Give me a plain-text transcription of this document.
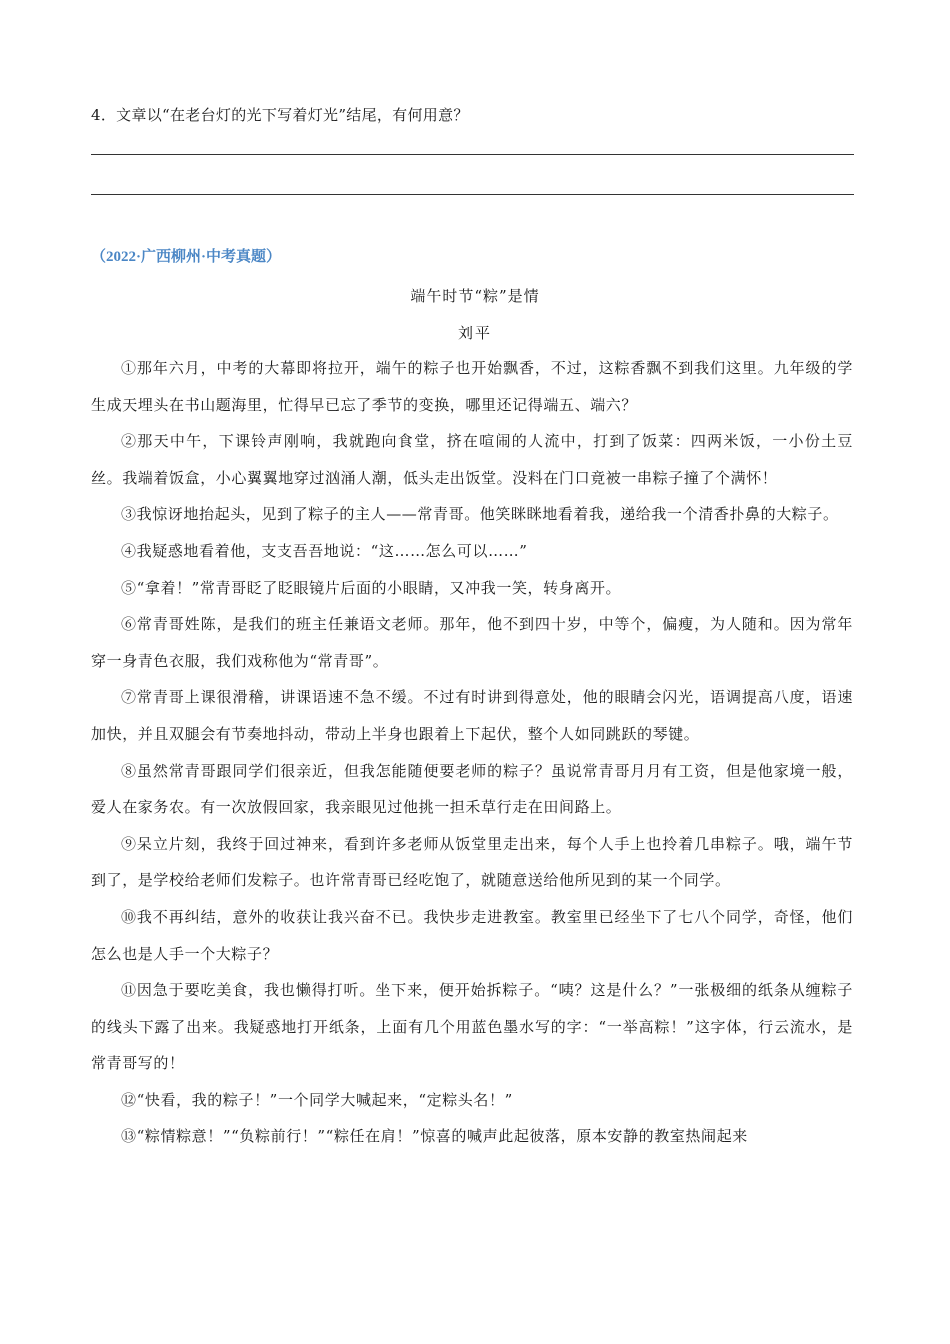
4．文章以“在老台灯的光下写着灯光”结尾，有何用意？
（2022·广西柳州·中考真题）
端午时节“粽”是情
刘平

①那年六月，中考的大幕即将拉开，端午的粽子也开始飘香，不过，这粽香飘不到我们这里。九年级的学生成天埋头在书山题海里，忙得早已忘了季节的变换，哪里还记得端五、端六？

②那天中午，下课铃声刚响，我就跑向食堂，挤在喧闹的人流中，打到了饭菜：四两米饭，一小份土豆丝。我端着饭盒，小心翼翼地穿过汹涌人潮，低头走出饭堂。没料在门口竟被一串粽子撞了个满怀！

③我惊讶地抬起头，见到了粽子的主人——常青哥。他笑眯眯地看着我，递给我一个清香扑鼻的大粽子。

④我疑惑地看着他，支支吾吾地说：“这……怎么可以……”

⑤“拿着！”常青哥眨了眨眼镜片后面的小眼睛，又冲我一笑，转身离开。

⑥常青哥姓陈，是我们的班主任兼语文老师。那年，他不到四十岁，中等个，偏瘦，为人随和。因为常年穿一身青色衣服，我们戏称他为“常青哥”。

⑦常青哥上课很滑稽，讲课语速不急不缓。不过有时讲到得意处，他的眼睛会闪光，语调提高八度，语速加快，并且双腿会有节奏地抖动，带动上半身也跟着上下起伏，整个人如同跳跃的琴键。

⑧虽然常青哥跟同学们很亲近，但我怎能随便要老师的粽子？虽说常青哥月月有工资，但是他家境一般，爱人在家务农。有一次放假回家，我亲眼见过他挑一担禾草行走在田间路上。

⑨呆立片刻，我终于回过神来，看到许多老师从饭堂里走出来，每个人手上也拎着几串粽子。哦，端午节到了，是学校给老师们发粽子。也许常青哥已经吃饱了，就随意送给他所见到的某一个同学。

⑩我不再纠结，意外的收获让我兴奋不已。我快步走进教室。教室里已经坐下了七八个同学，奇怪，他们怎么也是人手一个大粽子？

⑪因急于要吃美食，我也懒得打听。坐下来，便开始拆粽子。“咦？这是什么？”一张极细的纸条从缠粽子的线头下露了出来。我疑惑地打开纸条，上面有几个用蓝色墨水写的字：“一举高粽！”这字体，行云流水，是常青哥写的！

⑫“快看，我的粽子！”一个同学大喊起来，“定粽头名！”

⑬“粽情粽意！”“负粽前行！”“粽任在肩！”惊喜的喊声此起彼落，原本安静的教室热闹起来
